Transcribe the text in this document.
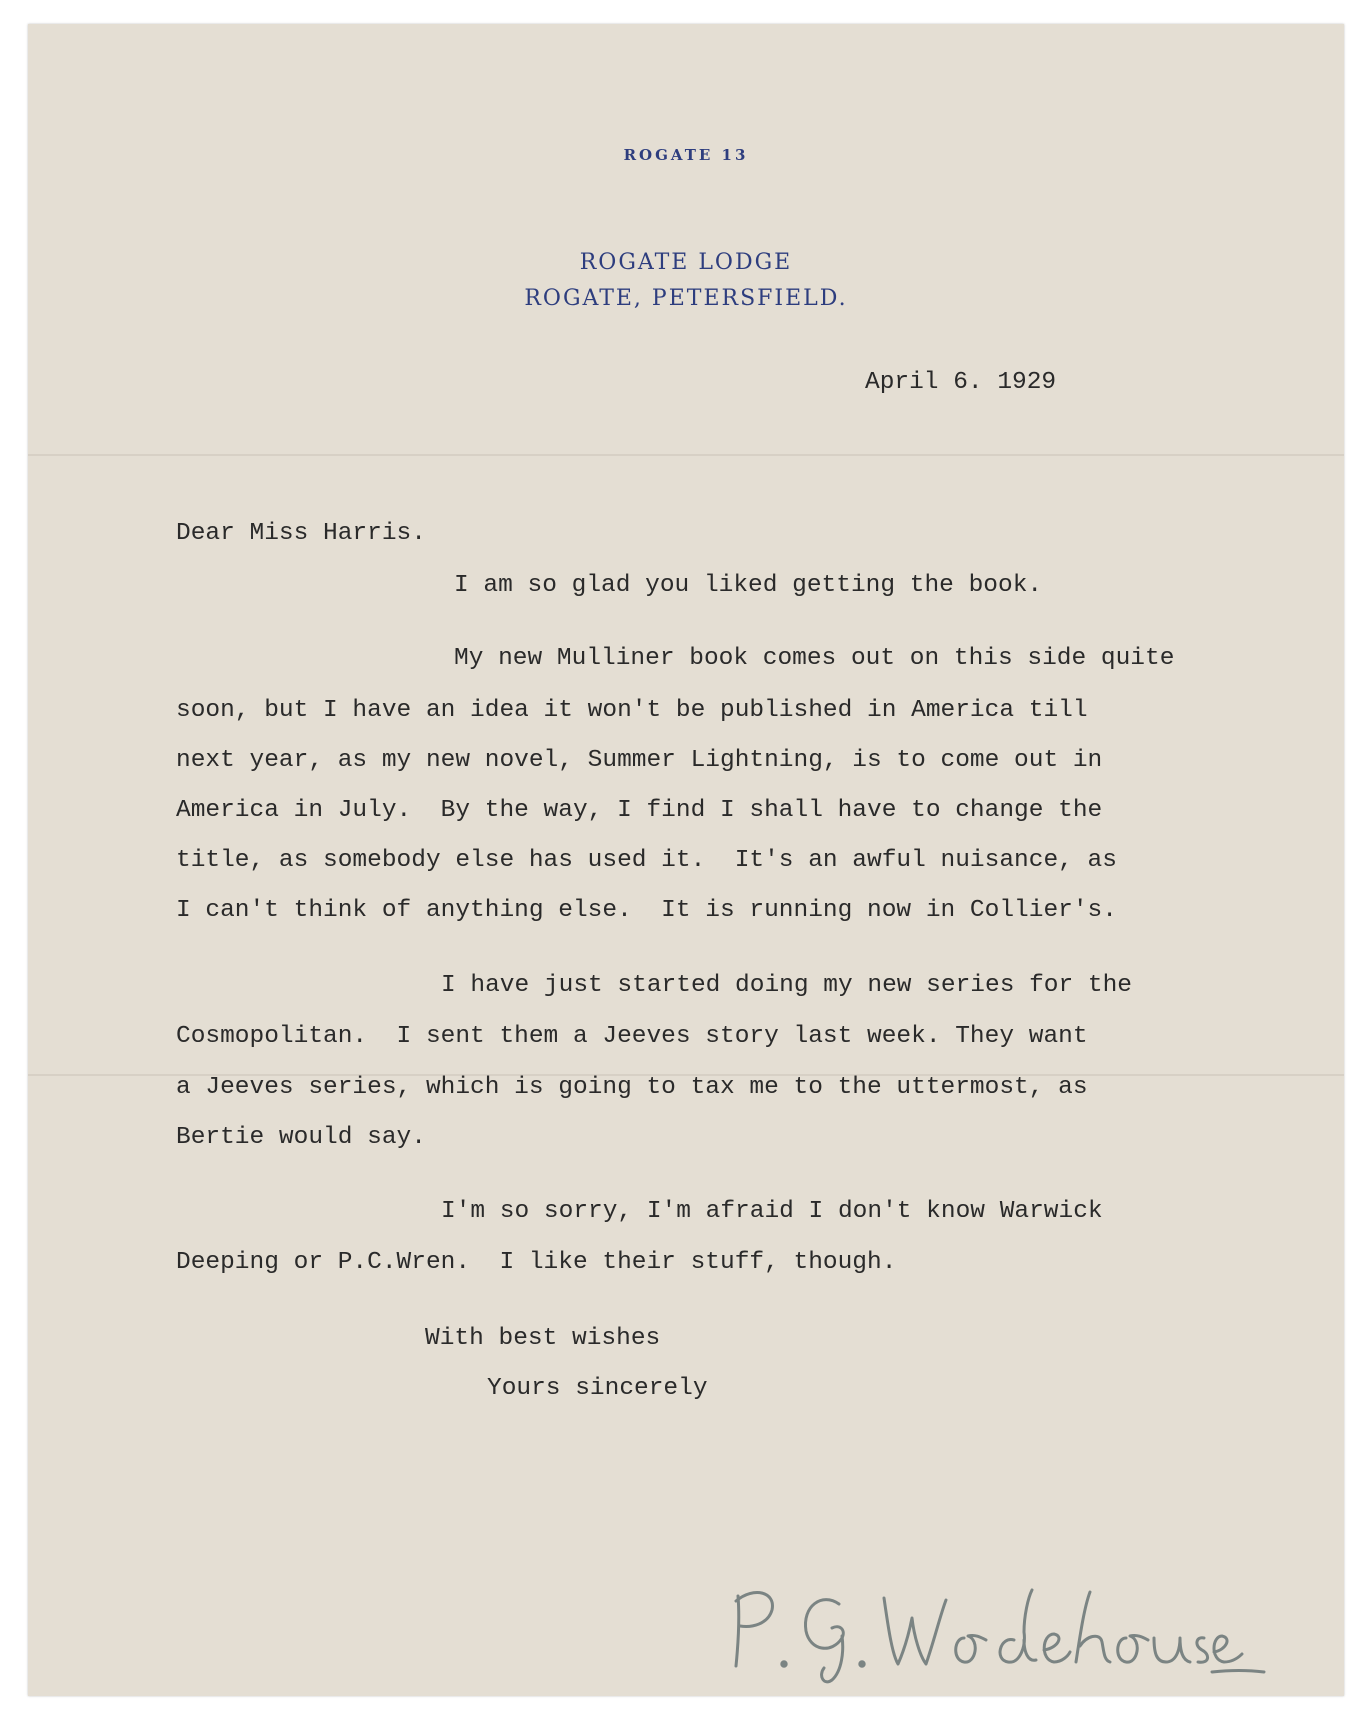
ROGATE 13
ROGATE LODGE
ROGATE, PETERSFIELD.
April 6. 1929
Dear Miss Harris.
I am so glad you liked getting the book.
My new Mulliner book comes out on this side quite
soon, but I have an idea it won't be published in America till
next year, as my new novel, Summer Lightning, is to come out in
America in July.  By the way, I find I shall have to change the
title, as somebody else has used it.  It's an awful nuisance, as
I can't think of anything else.  It is running now in Collier's.
I have just started doing my new series for the
Cosmopolitan.  I sent them a Jeeves story last week. They want
a Jeeves series, which is going to tax me to the uttermost, as
Bertie would say.
I'm so sorry, I'm afraid I don't know Warwick
Deeping or P.C.Wren.  I like their stuff, though.
With best wishes
Yours sincerely
